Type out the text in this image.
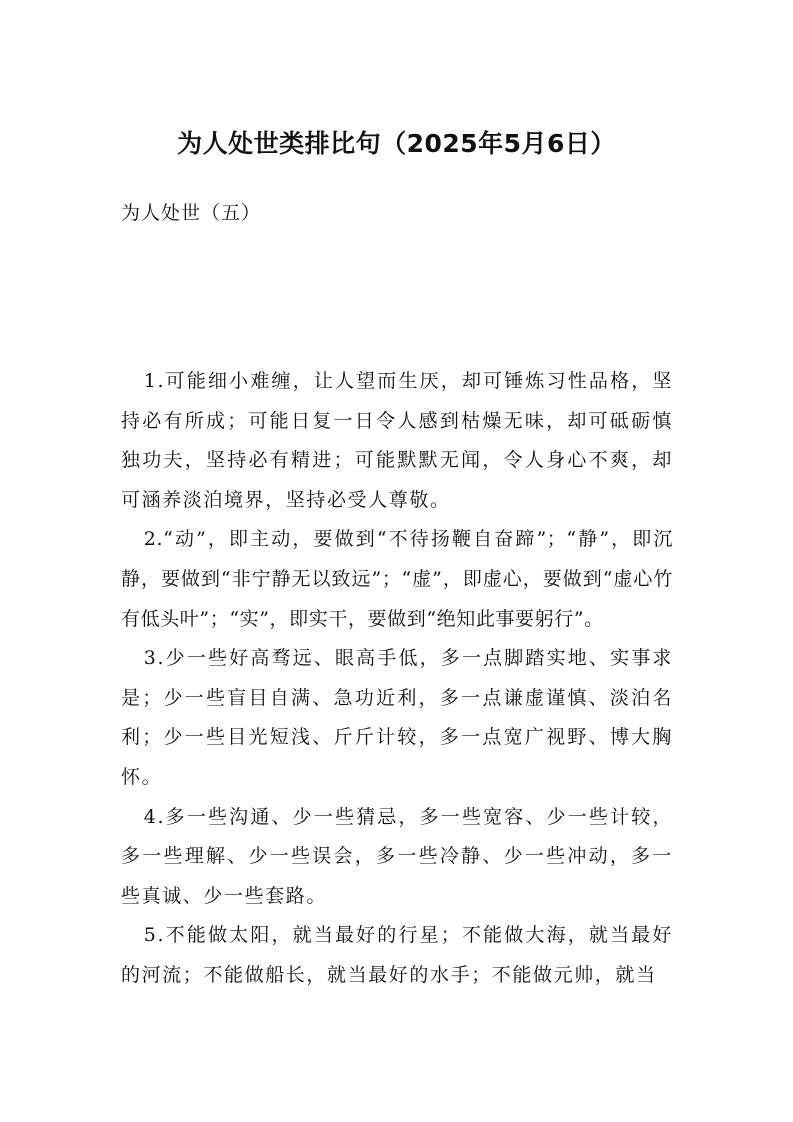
为人处世类排比句（2025年5月6日）
为人处世（五）

1.可能细小难缠，让人望而生厌，却可锤炼习性品格，坚持必有所成；可能日复一日令人感到枯燥无味，却可砥砺慎独功夫，坚持必有精进；可能默默无闻，令人身心不爽，却可涵养淡泊境界，坚持必受人尊敬。

2.“动”，即主动，要做到“不待扬鞭自奋蹄”；“静”，即沉静，要做到“非宁静无以致远”；“虚”，即虚心，要做到“虚心竹有低头叶”；“实”，即实干，要做到“绝知此事要躬行”。

3.少一些好高骛远、眼高手低，多一点脚踏实地、实事求是；少一些盲目自满、急功近利，多一点谦虚谨慎、淡泊名利；少一些目光短浅、斤斤计较，多一点宽广视野、博大胸怀。

4.多一些沟通、少一些猜忌，多一些宽容、少一些计较，多一些理解、少一些误会，多一些冷静、少一些冲动，多一些真诚、少一些套路。

5.不能做太阳，就当最好的行星；不能做大海，就当最好的河流；不能做船长，就当最好的水手；不能做元帅，就当
